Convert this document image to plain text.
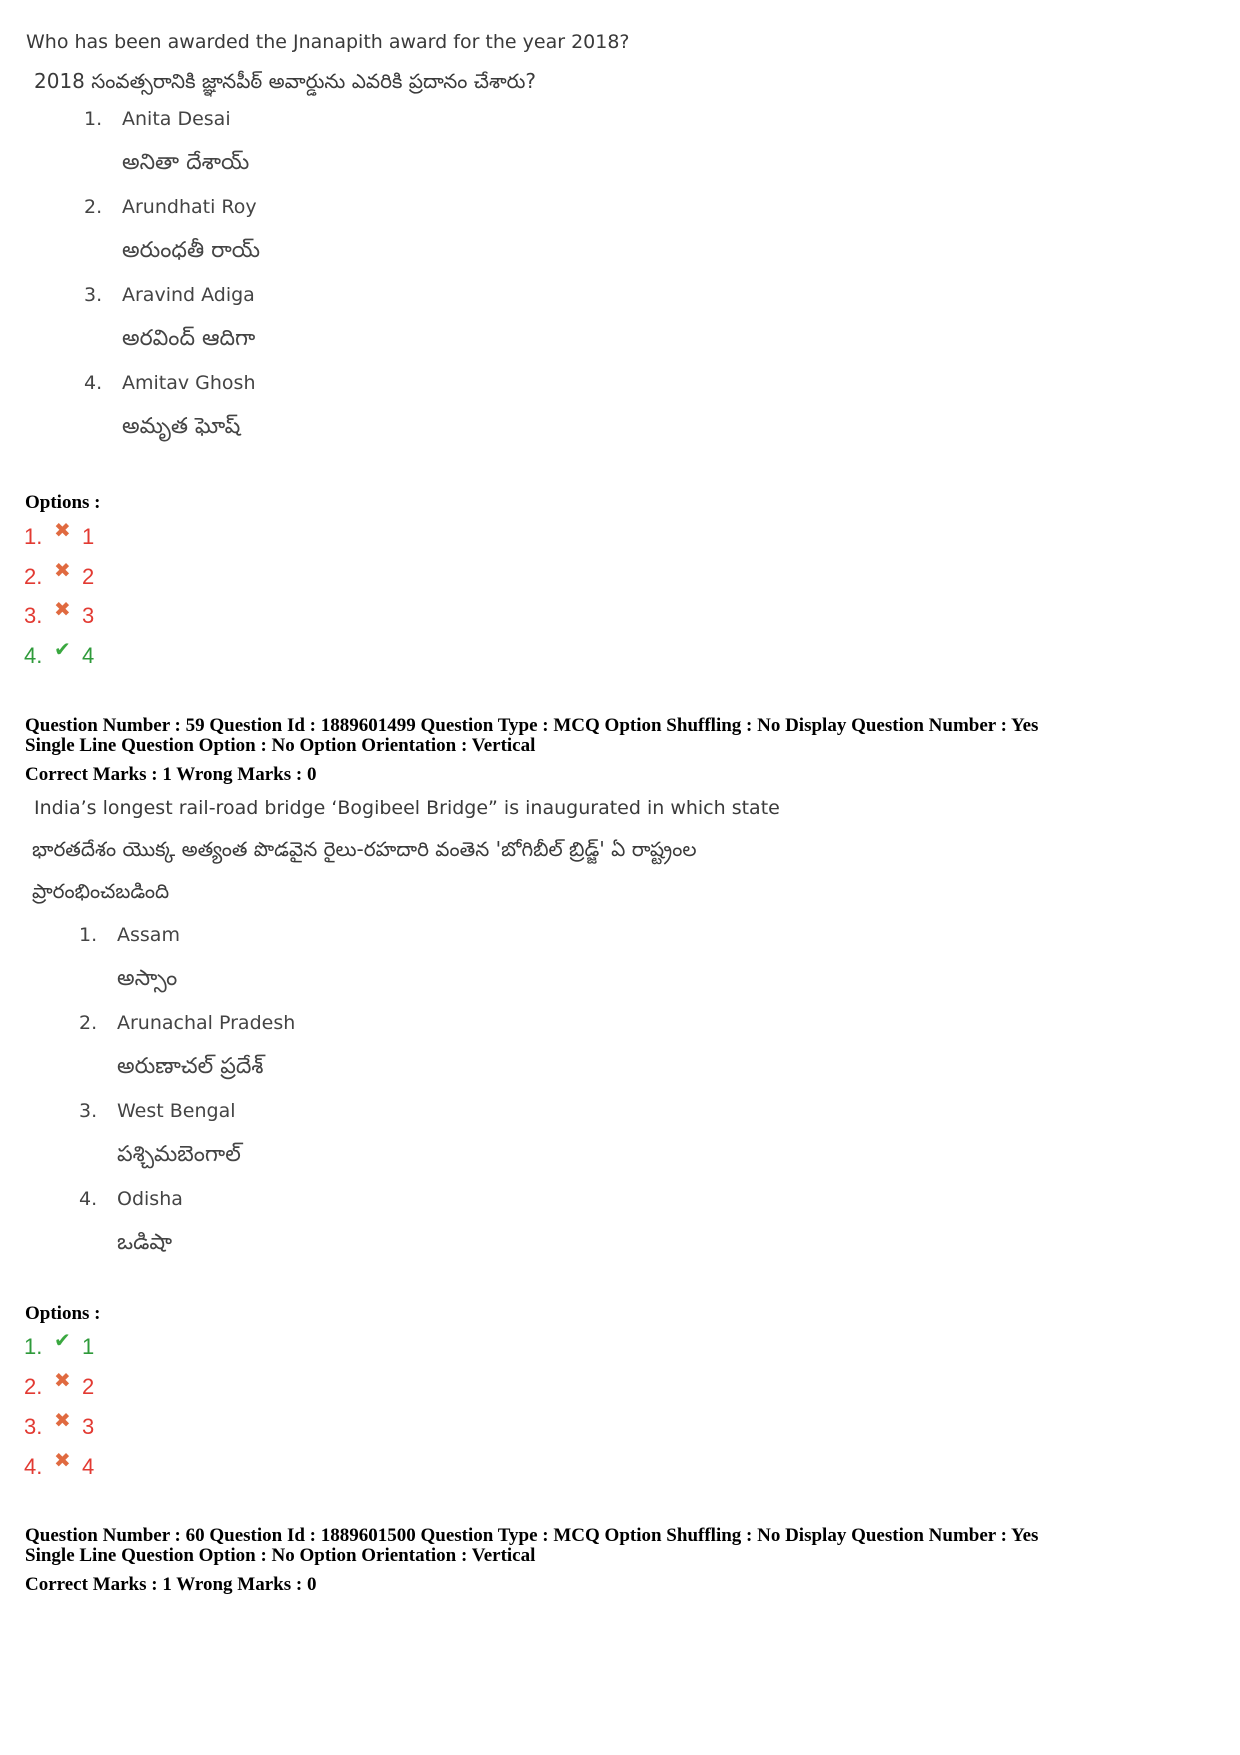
Who has been awarded the Jnanapith award for the year 2018?
2018 సంవత్సరానికి జ్ఞానపీఠ్ అవార్డును ఎవరికి ప్రదానం చేశారు?
1. Anita Desai
అనితా దేశాయ్
2. Arundhati Roy
అరుంధతీ రాయ్
3. Aravind Adiga
అరవింద్ ఆదిగా
4. Amitav Ghosh
అమృత ఘోష్
Options :
1. ✖ 1
2. ✖ 2
3. ✖ 3
4. ✔ 4
Question Number : 59 Question Id : 1889601499 Question Type : MCQ Option Shuffling : No Display Question Number : Yes
Single Line Question Option : No Option Orientation : Vertical
Correct Marks : 1 Wrong Marks : 0
India’s longest rail-road bridge ‘Bogibeel Bridge” is inaugurated in which state
భారతదేశం యొక్క అత్యంత పొడవైన రైలు-రహదారి వంతెన 'బోగిబీల్ బ్రిడ్జ్' ఏ రాష్ట్రంల
ప్రారంభించబడింది
1. Assam
అస్సాం
2. Arunachal Pradesh
అరుణాచల్ ప్రదేశ్
3. West Bengal
పశ్చిమబెంగాల్
4. Odisha
ఒడిషా
Options :
1. ✔ 1
2. ✖ 2
3. ✖ 3
4. ✖ 4
Question Number : 60 Question Id : 1889601500 Question Type : MCQ Option Shuffling : No Display Question Number : Yes
Single Line Question Option : No Option Orientation : Vertical
Correct Marks : 1 Wrong Marks : 0
